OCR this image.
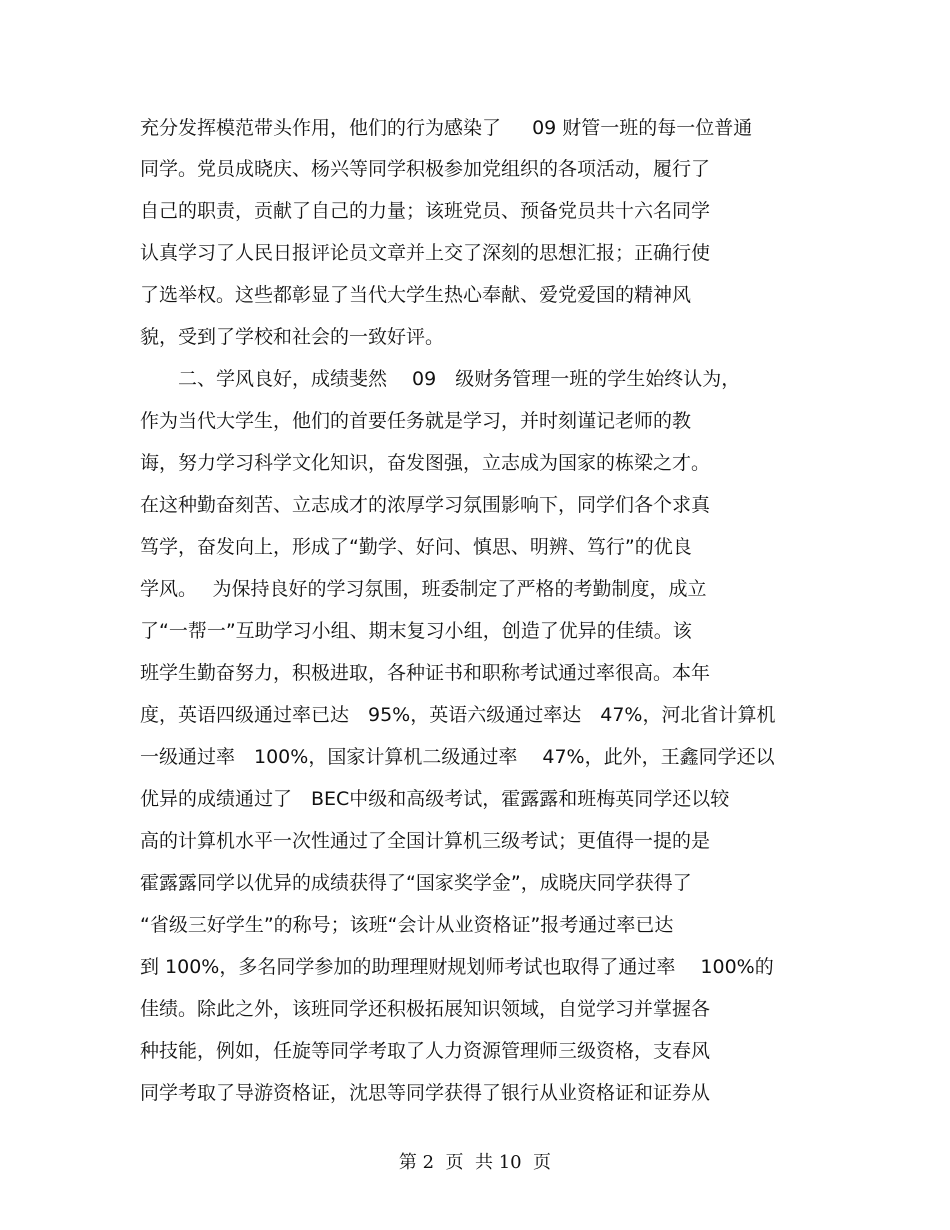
充分发挥模范带头作用，他们的行为感染了　  09 财管一班的每一位普通
同学。党员成晓庆、杨兴等同学积极参加党组织的各项活动，履行了
自己的职责，贡献了自己的力量；该班党员、预备党员共十六名同学
认真学习了人民日报评论员文章并上交了深刻的思想汇报；正确行使
了选举权。这些都彰显了当代大学生热心奉献、爱党爱国的精神风
貌，受到了学校和社会的一致好评。
　　二、学风良好，成绩斐然　 09　级财务管理一班的学生始终认为，
作为当代大学生，他们的首要任务就是学习，并时刻谨记老师的教
诲，努力学习科学文化知识，奋发图强，立志成为国家的栋梁之才。
在这种勤奋刻苦、立志成才的浓厚学习氛围影响下，同学们各个求真
笃学，奋发向上，形成了“勤学、好问、慎思、明辨、笃行”的优良
学风。　 为保持良好的学习氛围，班委制定了严格的考勤制度，成立
了“一帮一”互助学习小组、期末复习小组，创造了优异的佳绩。该
班学生勤奋努力，积极进取，各种证书和职称考试通过率很高。本年
度，英语四级通过率已达　95%，英语六级通过率达　47%，河北省计算机
一级通过率　100%，国家计算机二级通过率　 47%，此外，王鑫同学还以
优异的成绩通过了　BEC中级和高级考试，霍露露和班梅英同学还以较
高的计算机水平一次性通过了全国计算机三级考试；更值得一提的是
霍露露同学以优异的成绩获得了“国家奖学金”，成晓庆同学获得了
“省级三好学生”的称号；该班“会计从业资格证”报考通过率已达
到 100%，多名同学参加的助理理财规划师考试也取得了通过率　 100%的
佳绩。除此之外，该班同学还积极拓展知识领域，自觉学习并掌握各
种技能，例如，任旋等同学考取了人力资源管理师三级资格，支春风
同学考取了导游资格证，沈思等同学获得了银行从业资格证和证券从
第 2  页  共 10  页
